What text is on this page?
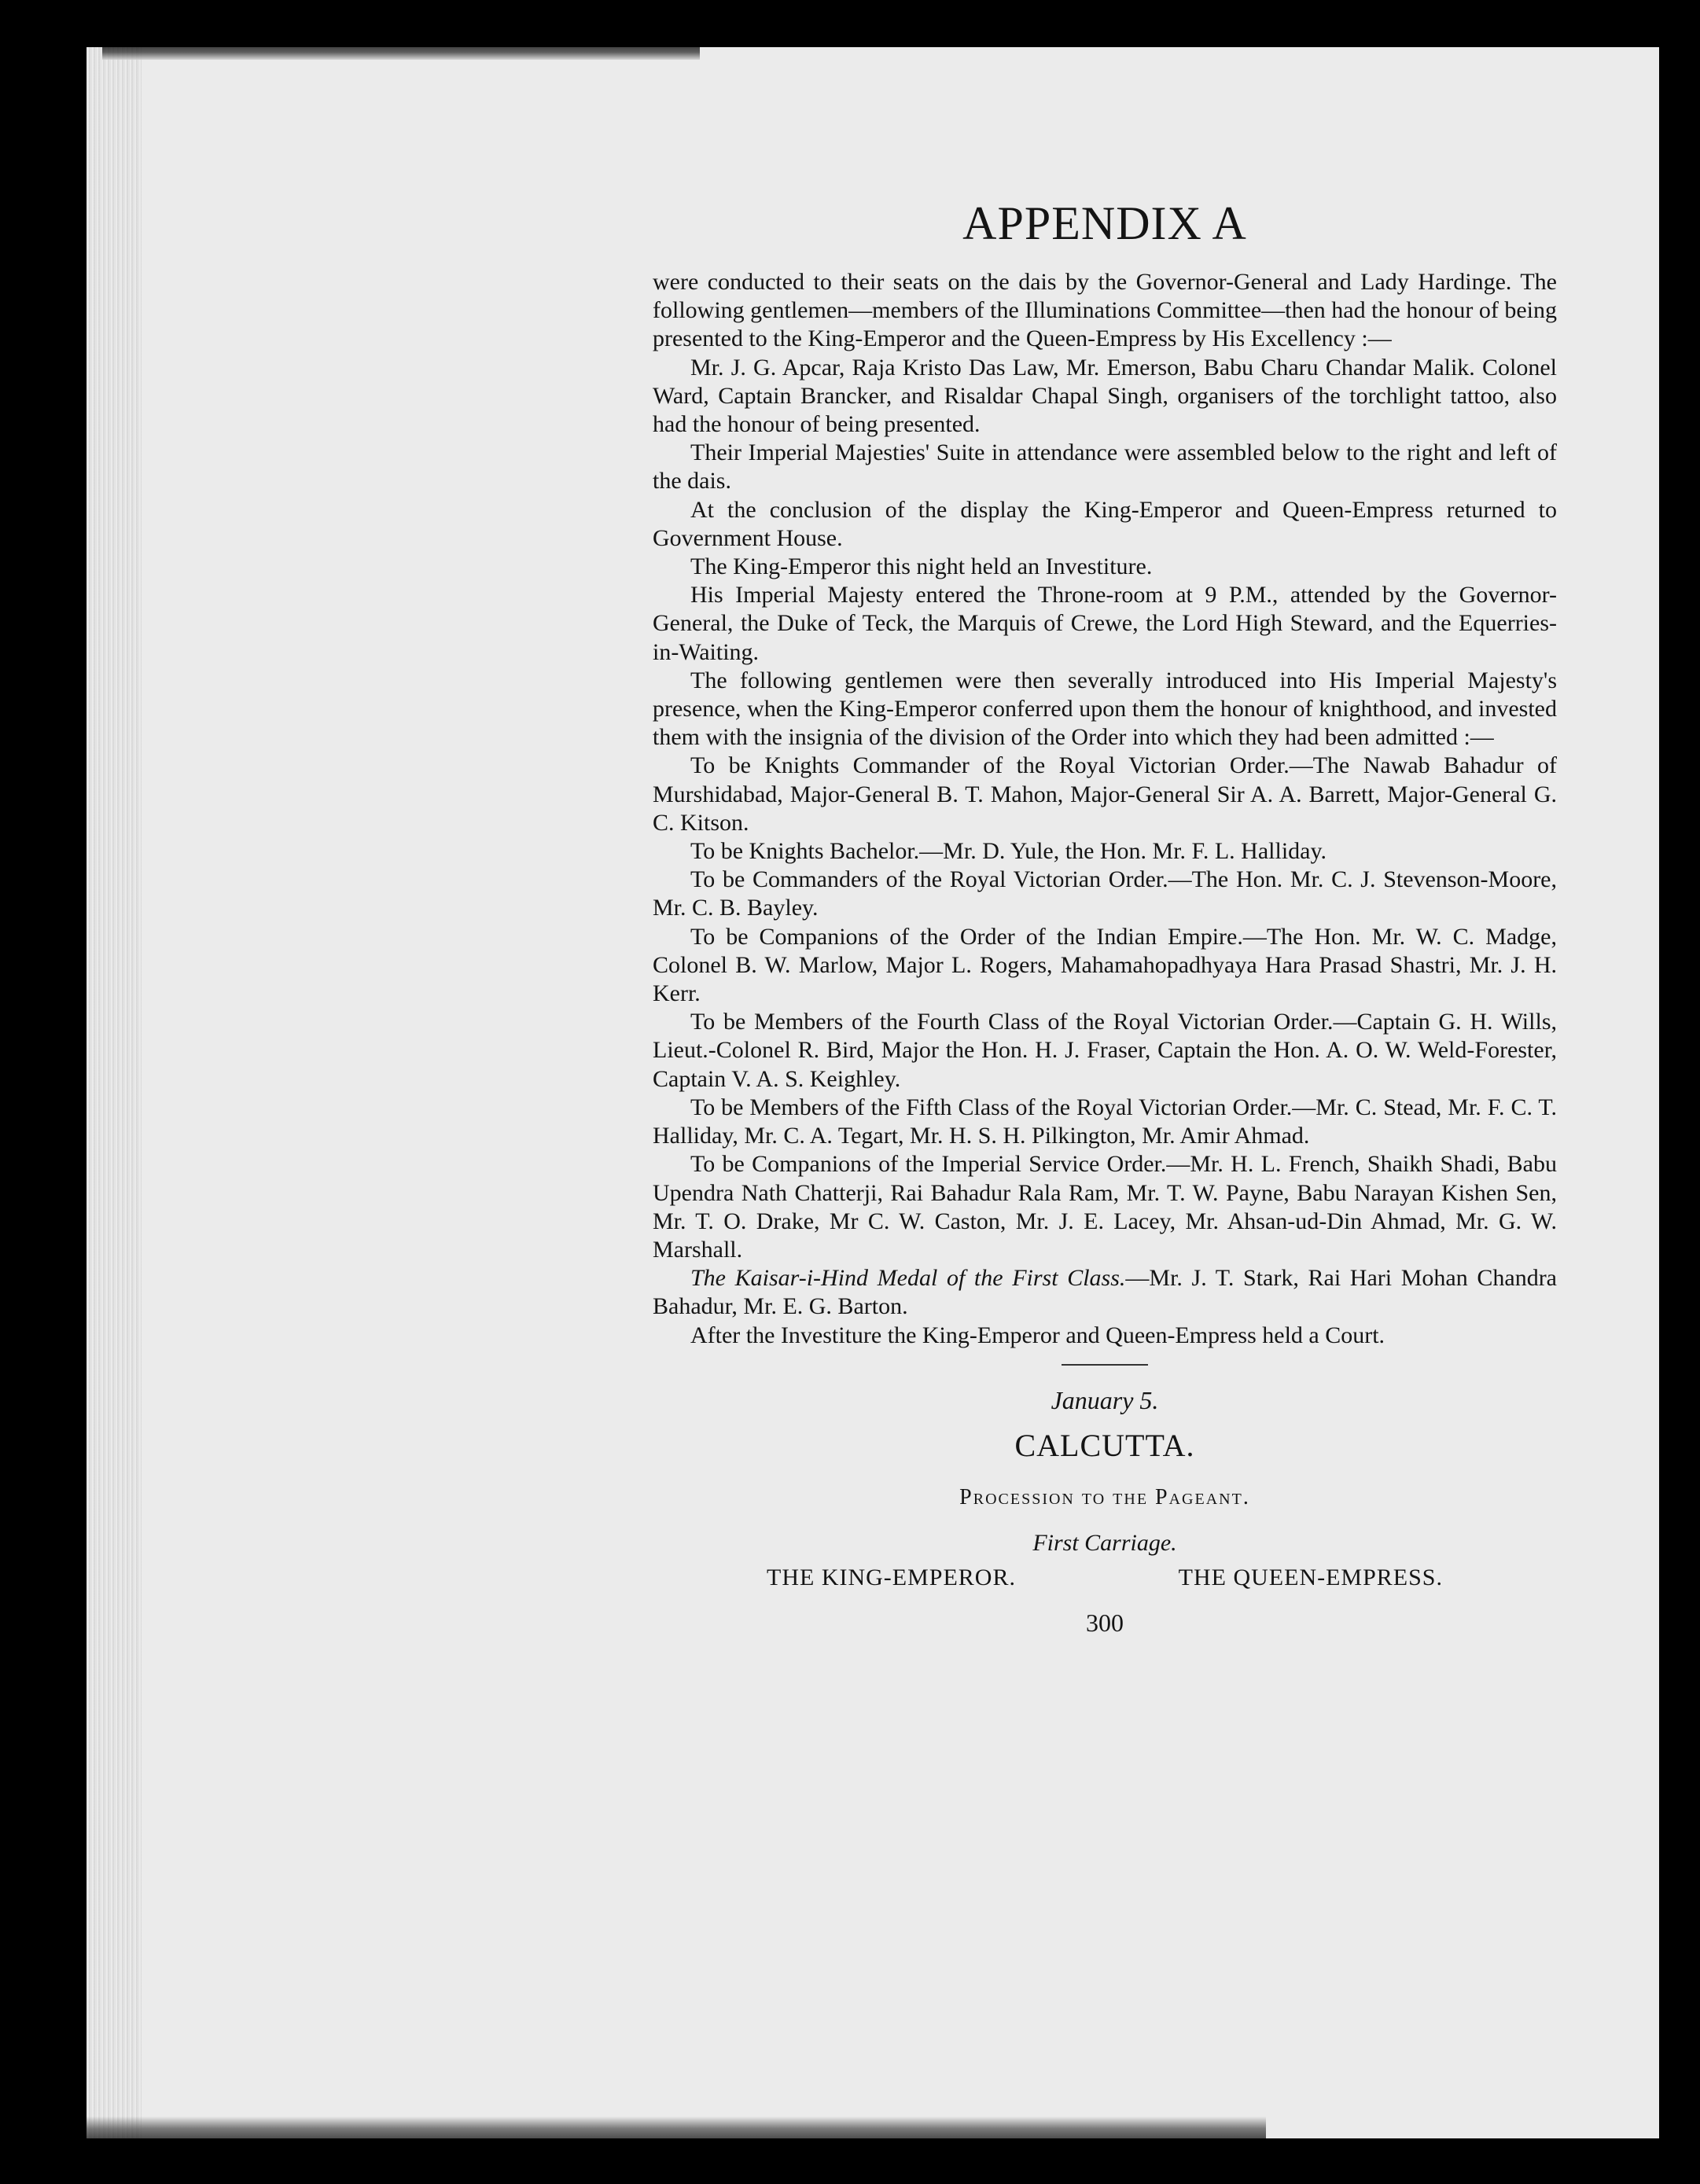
APPENDIX A

were conducted to their seats on the dais by the Governor-General and Lady Hardinge. The following gentlemen—members of the Illuminations Committee—then had the honour of being presented to the King-Emperor and the Queen-Empress by His Excellency :—

Mr. J. G. Apcar, Raja Kristo Das Law, Mr. Emerson, Babu Charu Chandar Malik. Colonel Ward, Captain Brancker, and Risaldar Chapal Singh, organisers of the torchlight tattoo, also had the honour of being presented.

Their Imperial Majesties' Suite in attendance were assembled below to the right and left of the dais.

At the conclusion of the display the King-Emperor and Queen-Empress returned to Government House.

The King-Emperor this night held an Investiture.

His Imperial Majesty entered the Throne-room at 9 P.M., attended by the Governor-General, the Duke of Teck, the Marquis of Crewe, the Lord High Steward, and the Equerries-in-Waiting.

The following gentlemen were then severally introduced into His Imperial Majesty's presence, when the King-Emperor conferred upon them the honour of knighthood, and invested them with the insignia of the division of the Order into which they had been admitted :—

To be Knights Commander of the Royal Victorian Order.—The Nawab Bahadur of Murshidabad, Major-General B. T. Mahon, Major-General Sir A. A. Barrett, Major-General G. C. Kitson.

To be Knights Bachelor.—Mr. D. Yule, the Hon. Mr. F. L. Halliday.

To be Commanders of the Royal Victorian Order.—The Hon. Mr. C. J. Stevenson-Moore, Mr. C. B. Bayley.

To be Companions of the Order of the Indian Empire.—The Hon. Mr. W. C. Madge, Colonel B. W. Marlow, Major L. Rogers, Mahamahopadhyaya Hara Prasad Shastri, Mr. J. H. Kerr.

To be Members of the Fourth Class of the Royal Victorian Order.—Captain G. H. Wills, Lieut.-Colonel R. Bird, Major the Hon. H. J. Fraser, Captain the Hon. A. O. W. Weld-Forester, Captain V. A. S. Keighley.

To be Members of the Fifth Class of the Royal Victorian Order.—Mr. C. Stead, Mr. F. C. T. Halliday, Mr. C. A. Tegart, Mr. H. S. H. Pilkington, Mr. Amir Ahmad.

To be Companions of the Imperial Service Order.—Mr. H. L. French, Shaikh Shadi, Babu Upendra Nath Chatterji, Rai Bahadur Rala Ram, Mr. T. W. Payne, Babu Narayan Kishen Sen, Mr. T. O. Drake, Mr C. W. Caston, Mr. J. E. Lacey, Mr. Ahsan-ud-Din Ahmad, Mr. G. W. Marshall.

The Kaisar-i-Hind Medal of the First Class.—Mr. J. T. Stark, Rai Hari Mohan Chandra Bahadur, Mr. E. G. Barton.

After the Investiture the King-Emperor and Queen-Empress held a Court.

January 5.

CALCUTTA.

Procession to the Pageant.

First Carriage.

THE KING-EMPEROR.	THE QUEEN-EMPRESS.

300
